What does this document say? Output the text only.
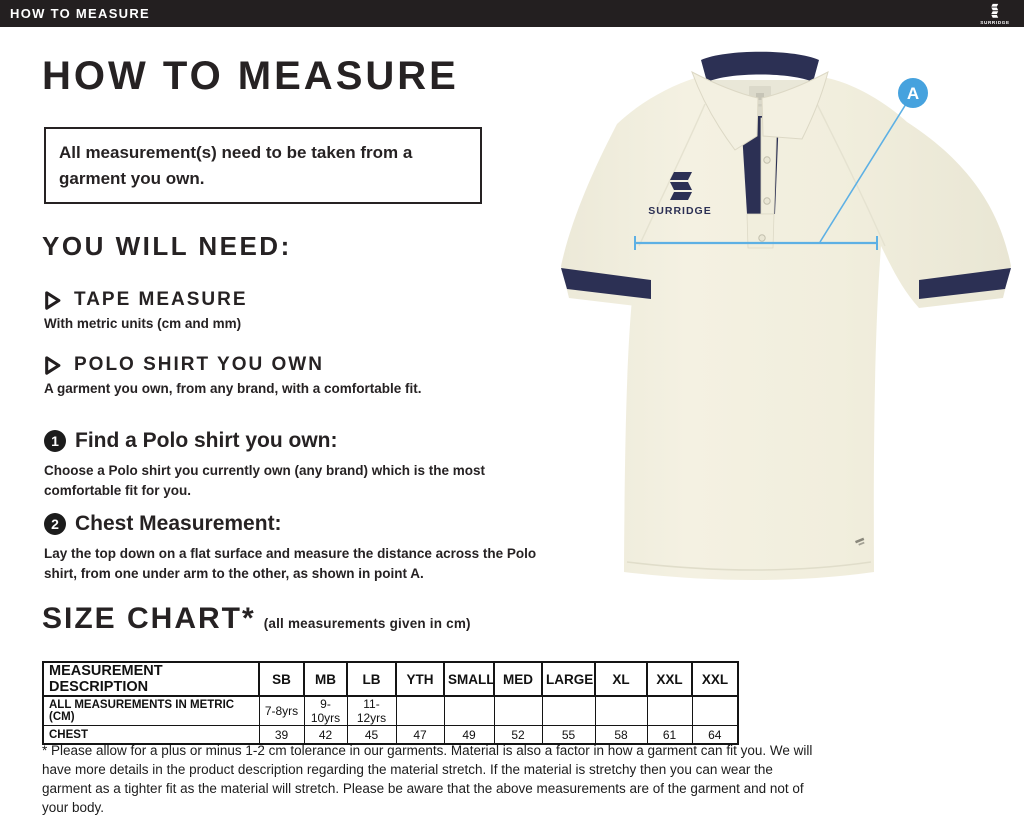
HOW TO MEASURE
SURRIDGE
HOW TO MEASURE
All measurement(s) need to be taken from a garment you own.
YOU WILL NEED:
TAPE MEASURE
With metric units (cm and mm)
POLO SHIRT YOU OWN
A garment you own, from any brand, with a comfortable fit.
1 Find a Polo shirt you own:
Choose a Polo shirt you currently own (any brand) which is the most comfortable fit for you.
2 Chest Measurement:
Lay the top down on a flat surface and measure the distance across the Polo shirt, from one under arm to the other, as shown in point A.
SIZE CHART* (all measurements given in cm)
MEASUREMENT DESCRIPTION	SB	MB	LB	YTH	SMALL	MED	LARGE	XL	XXL	XXL
ALL MEASUREMENTS IN METRIC (CM)	7-8yrs	9-10yrs	11-12yrs							
CHEST	39	42	45	47	49	52	55	58	61	64
* Please allow for a plus or minus 1-2 cm tolerance in our garments. Material is also a factor in how a garment can fit you. We will have more details in the product description regarding the material stretch. If the material is stretchy then you can wear the garment as a tighter fit as the material will stretch. Please be aware that the above measurements are of the garment and not of your body.
SURRIDGE
A
